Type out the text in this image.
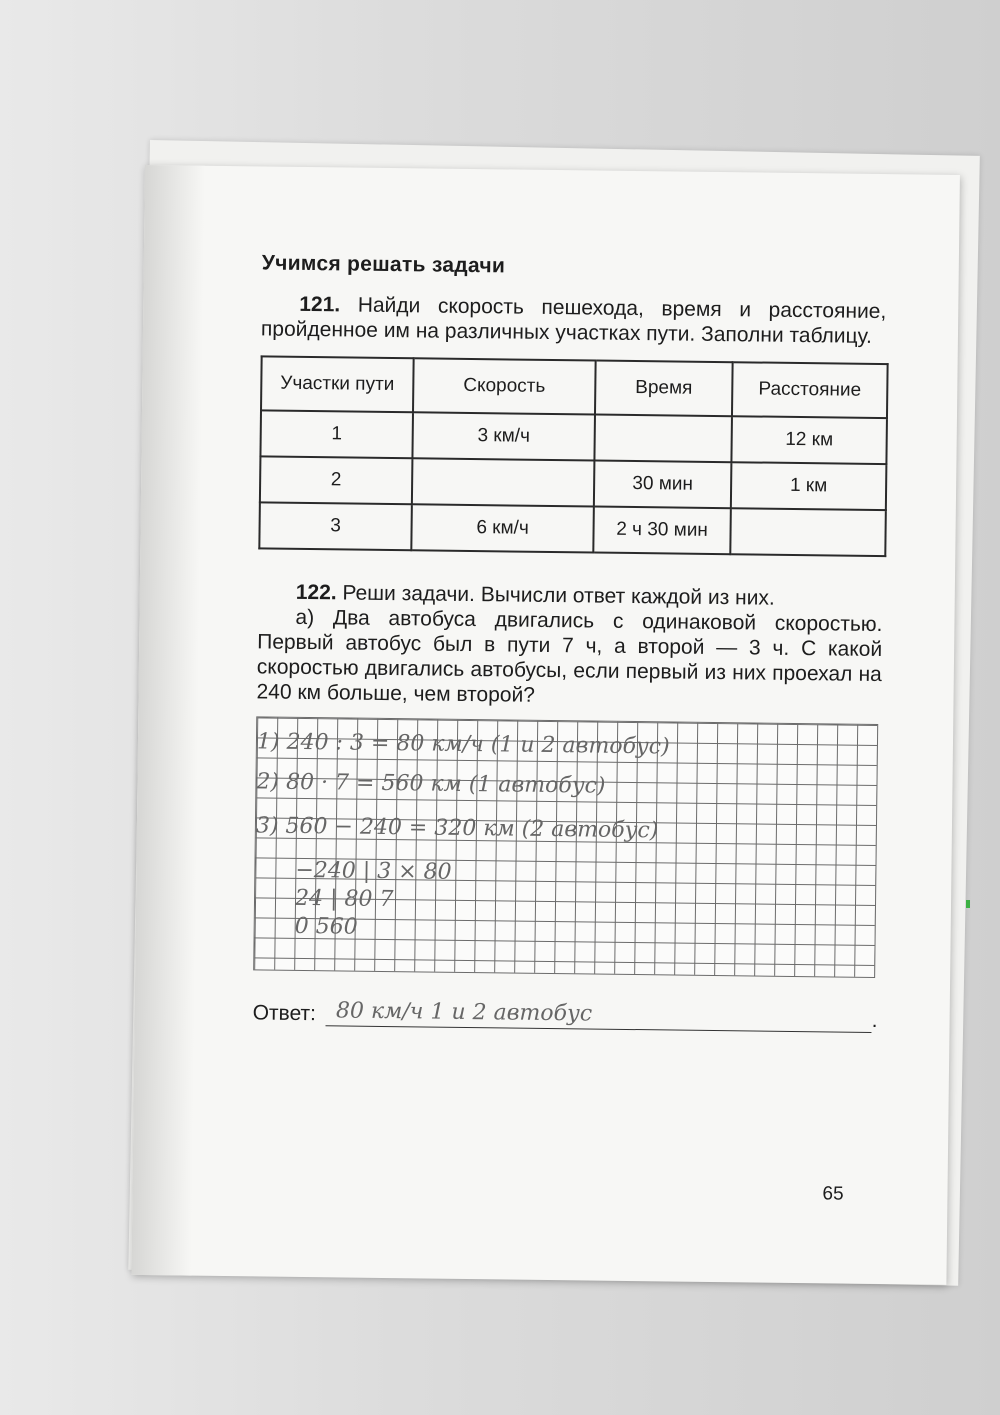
Учимся решать задачи

121. Найди скорость пешехода, время и расстояние, пройденное им на различных участках пути. Заполни таблицу.

Участки пути	Скорость	Время	Расстояние
1	3 км/ч		12 км
2		30 мин	1 км
3	6 км/ч	2 ч 30 мин	

122. Реши задачи. Вычисли ответ каждой из них.

а) Два автобуса двигались с одинаковой скоростью. Первый автобус был в пути 7 ч, а второй — 3 ч. С какой скоростью двигались автобусы, если первый из них проехал на 240 км больше, чем второй?

1) 240 : 3 = 80 км/ч (1 и 2 автобус)
2) 80 · 7 = 560 км (1 автобус)
3) 560 − 240 = 320 км (2 автобус)
−240 | 3 × 80
24 | 80 7
0 560
Ответ: 80 км/ч 1 и 2 автобус	.
65
